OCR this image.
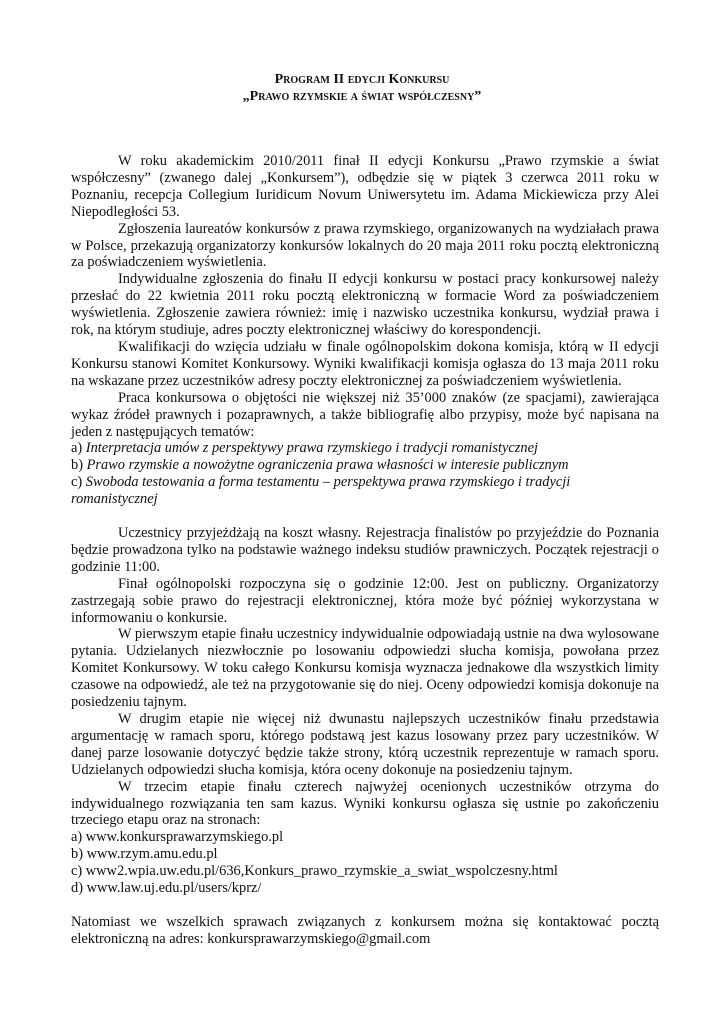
Program II edycji Konkursu
„Prawo rzymskie a świat współczesny”

W roku akademickim 2010/2011 finał II edycji Konkursu „Prawo rzymskie a świat współczesny” (zwanego dalej „Konkursem”), odbędzie się w piątek 3 czerwca 2011 roku w Poznaniu, recepcja Collegium Iuridicum Novum Uniwersytetu im. Adama Mickiewicza przy Alei Niepodległości 53.

Zgłoszenia laureatów konkursów z prawa rzymskiego, organizowanych na wydziałach prawa w Polsce, przekazują organizatorzy konkursów lokalnych do 20 maja 2011 roku pocztą elektroniczną za poświadczeniem wyświetlenia.

Indywidualne zgłoszenia do finału II edycji konkursu w postaci pracy konkursowej należy przesłać do 22 kwietnia 2011 roku pocztą elektroniczną w formacie Word za poświadczeniem wyświetlenia. Zgłoszenie zawiera również: imię i nazwisko uczestnika konkursu, wydział prawa i rok, na którym studiuje, adres poczty elektronicznej właściwy do korespondencji.

Kwalifikacji do wzięcia udziału w finale ogólnopolskim dokona komisja, którą w II edycji Konkursu stanowi Komitet Konkursowy. Wyniki kwalifikacji komisja ogłasza do 13 maja 2011 roku na wskazane przez uczestników adresy poczty elektronicznej za poświadczeniem wyświetlenia.

Praca konkursowa o objętości nie większej niż 35’000 znaków (ze spacjami), zawierająca wykaz źródeł prawnych i pozaprawnych, a także bibliografię albo przypisy, może być napisana na jeden z następujących tematów:

a) Interpretacja umów z perspektywy prawa rzymskiego i tradycji romanistycznej

b) Prawo rzymskie a nowożytne ograniczenia prawa własności w interesie publicznym

c) Swoboda testowania a forma testamentu – perspektywa prawa rzymskiego i tradycji romanistycznej

Uczestnicy przyjeżdżają na koszt własny. Rejestracja finalistów po przyjeździe do Poznania będzie prowadzona tylko na podstawie ważnego indeksu studiów prawniczych. Początek rejestracji o godzinie 11:00.

Finał ogólnopolski rozpoczyna się o godzinie 12:00. Jest on publiczny. Organizatorzy zastrzegają sobie prawo do rejestracji elektronicznej, która może być później wykorzystana w informowaniu o konkursie.

W pierwszym etapie finału uczestnicy indywidualnie odpowiadają ustnie na dwa wylosowane pytania. Udzielanych niezwłocznie po losowaniu odpowiedzi słucha komisja, powołana przez Komitet Konkursowy. W toku całego Konkursu komisja wyznacza jednakowe dla wszystkich limity czasowe na odpowiedź, ale też na przygotowanie się do niej. Oceny odpowiedzi komisja dokonuje na posiedzeniu tajnym.

W drugim etapie nie więcej niż dwunastu najlepszych uczestników finału przedstawia argumentację w ramach sporu, którego podstawą jest kazus losowany przez pary uczestników. W danej parze losowanie dotyczyć będzie także strony, którą uczestnik reprezentuje w ramach sporu. Udzielanych odpowiedzi słucha komisja, która oceny dokonuje na posiedzeniu tajnym.

W trzecim etapie finału czterech najwyżej ocenionych uczestników otrzyma do indywidualnego rozwiązania ten sam kazus. Wyniki konkursu ogłasza się ustnie po zakończeniu trzeciego etapu oraz na stronach:

a) www.konkursprawarzymskiego.pl

b) www.rzym.amu.edu.pl

c) www2.wpia.uw.edu.pl/636,Konkurs_prawo_rzymskie_a_swiat_wspolczesny.html

d) www.law.uj.edu.pl/users/kprz/

Natomiast we wszelkich sprawach związanych z konkursem można się kontaktować pocztą elektroniczną na adres: konkursprawarzymskiego@gmail.com
